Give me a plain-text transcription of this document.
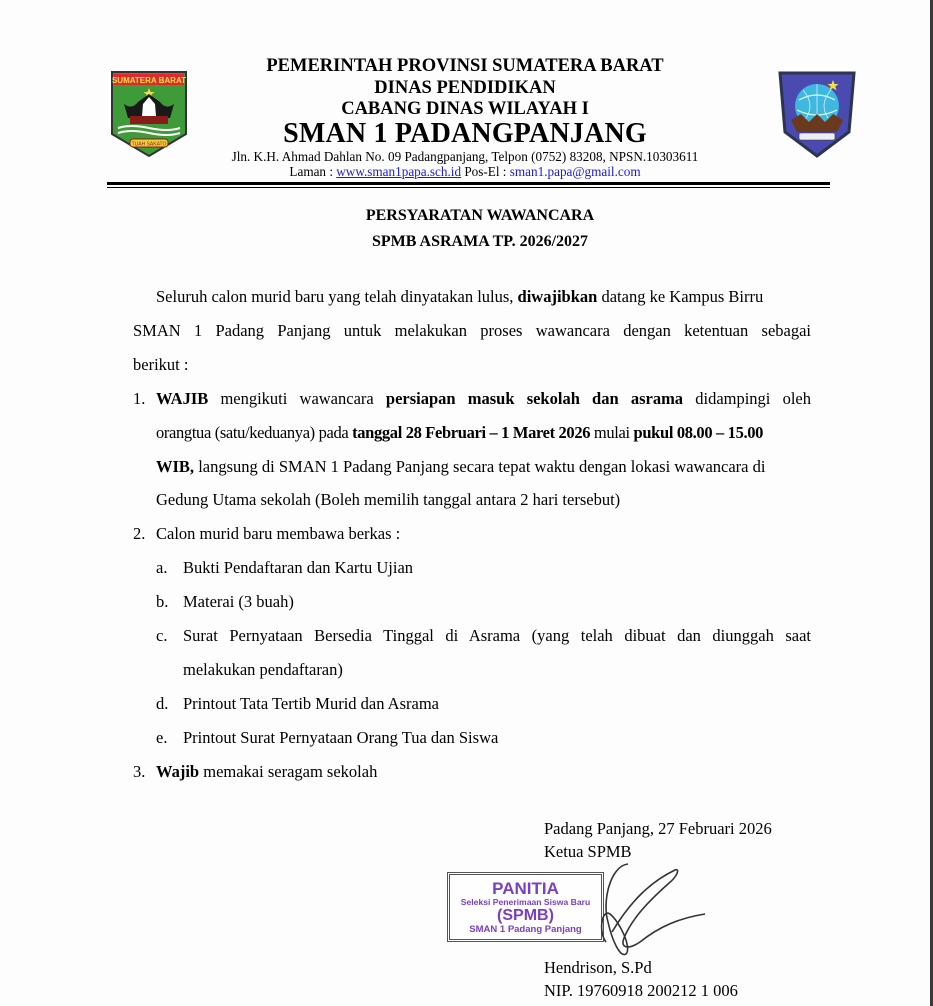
SUMATERA BARAT
TUAH SAKATO
PEMERINTAH PROVINSI SUMATERA BARAT
DINAS PENDIDIKAN
CABANG DINAS WILAYAH I
SMAN 1 PADANGPANJANG
Jln. K.H. Ahmad Dahlan No. 09 Padangpanjang, Telpon (0752) 83208, NPSN.10303611
Laman : www.sman1papa.sch.id Pos-El : sman1.papa@gmail.com
PERSYARATAN WAWANCARA
SPMB ASRAMA TP. 2026/2027
Seluruh calon murid baru yang telah dinyatakan lulus, diwajibkan datang ke Kampus Birru
SMAN 1 Padang Panjang untuk melakukan proses wawancara dengan ketentuan sebagai
berikut :
1. WAJIB mengikuti wawancara persiapan masuk sekolah dan asrama didampingi oleh
orangtua (satu/keduanya) pada tanggal 28 Februari – 1 Maret 2026 mulai pukul 08.00 – 15.00
WIB, langsung di SMAN 1 Padang Panjang secara tepat waktu dengan lokasi wawancara di
Gedung Utama sekolah (Boleh memilih tanggal antara 2 hari tersebut)
2. Calon murid baru membawa berkas :
a. Bukti Pendaftaran dan Kartu Ujian
b. Materai (3 buah)
c. Surat Pernyataan Bersedia Tinggal di Asrama (yang telah dibuat dan diunggah saat
melakukan pendaftaran)
d. Printout Tata Tertib Murid dan Asrama
e. Printout Surat Pernyataan Orang Tua dan Siswa
3. Wajib memakai seragam sekolah
Padang Panjang, 27 Februari 2026
Ketua SPMB
PANITIA
Seleksi Penerimaan Siswa Baru
(SPMB)
SMAN 1 Padang Panjang
Hendrison, S.Pd
NIP. 19760918 200212 1 006
